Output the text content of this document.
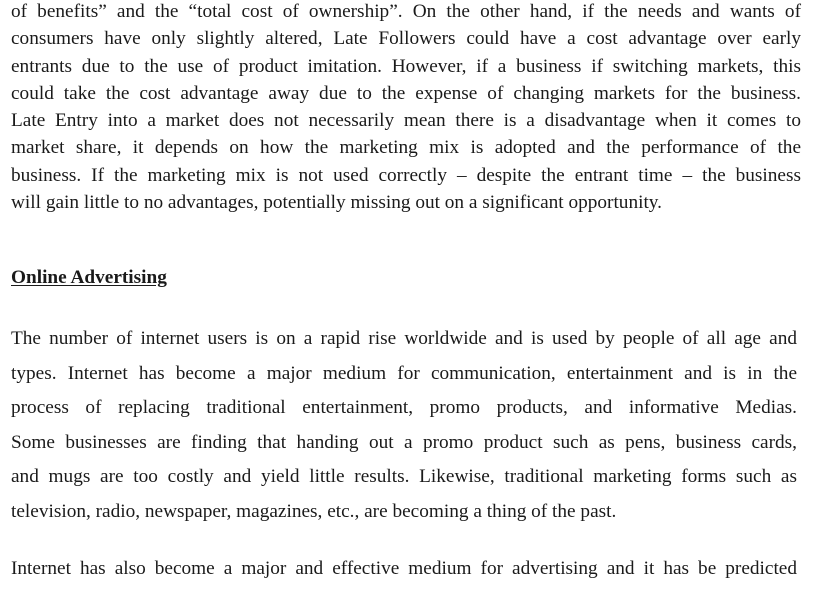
of benefits” and the “total cost of ownership”. On the other hand, if the needs and wants of
consumers have only slightly altered, Late Followers could have a cost advantage over early
entrants due to the use of product imitation. However, if a business if switching markets, this
could take the cost advantage away due to the expense of changing markets for the business.
Late Entry into a market does not necessarily mean there is a disadvantage when it comes to
market share, it depends on how the marketing mix is adopted and the performance of the
business. If the marketing mix is not used correctly – despite the entrant time – the business
will gain little to no advantages, potentially missing out on a significant opportunity.

Online Advertising

The number of internet users is on a rapid rise worldwide and is used by people of all age and
types. Internet has become a major medium for communication, entertainment and is in the
process of replacing traditional entertainment, promo products, and informative Medias.
Some businesses are finding that handing out a promo product such as pens, business cards,
and mugs are too costly and yield little results. Likewise, traditional marketing forms such as
television, radio, newspaper, magazines, etc., are becoming a thing of the past.

Internet has also become a major and effective medium for advertising and it has be predicted
